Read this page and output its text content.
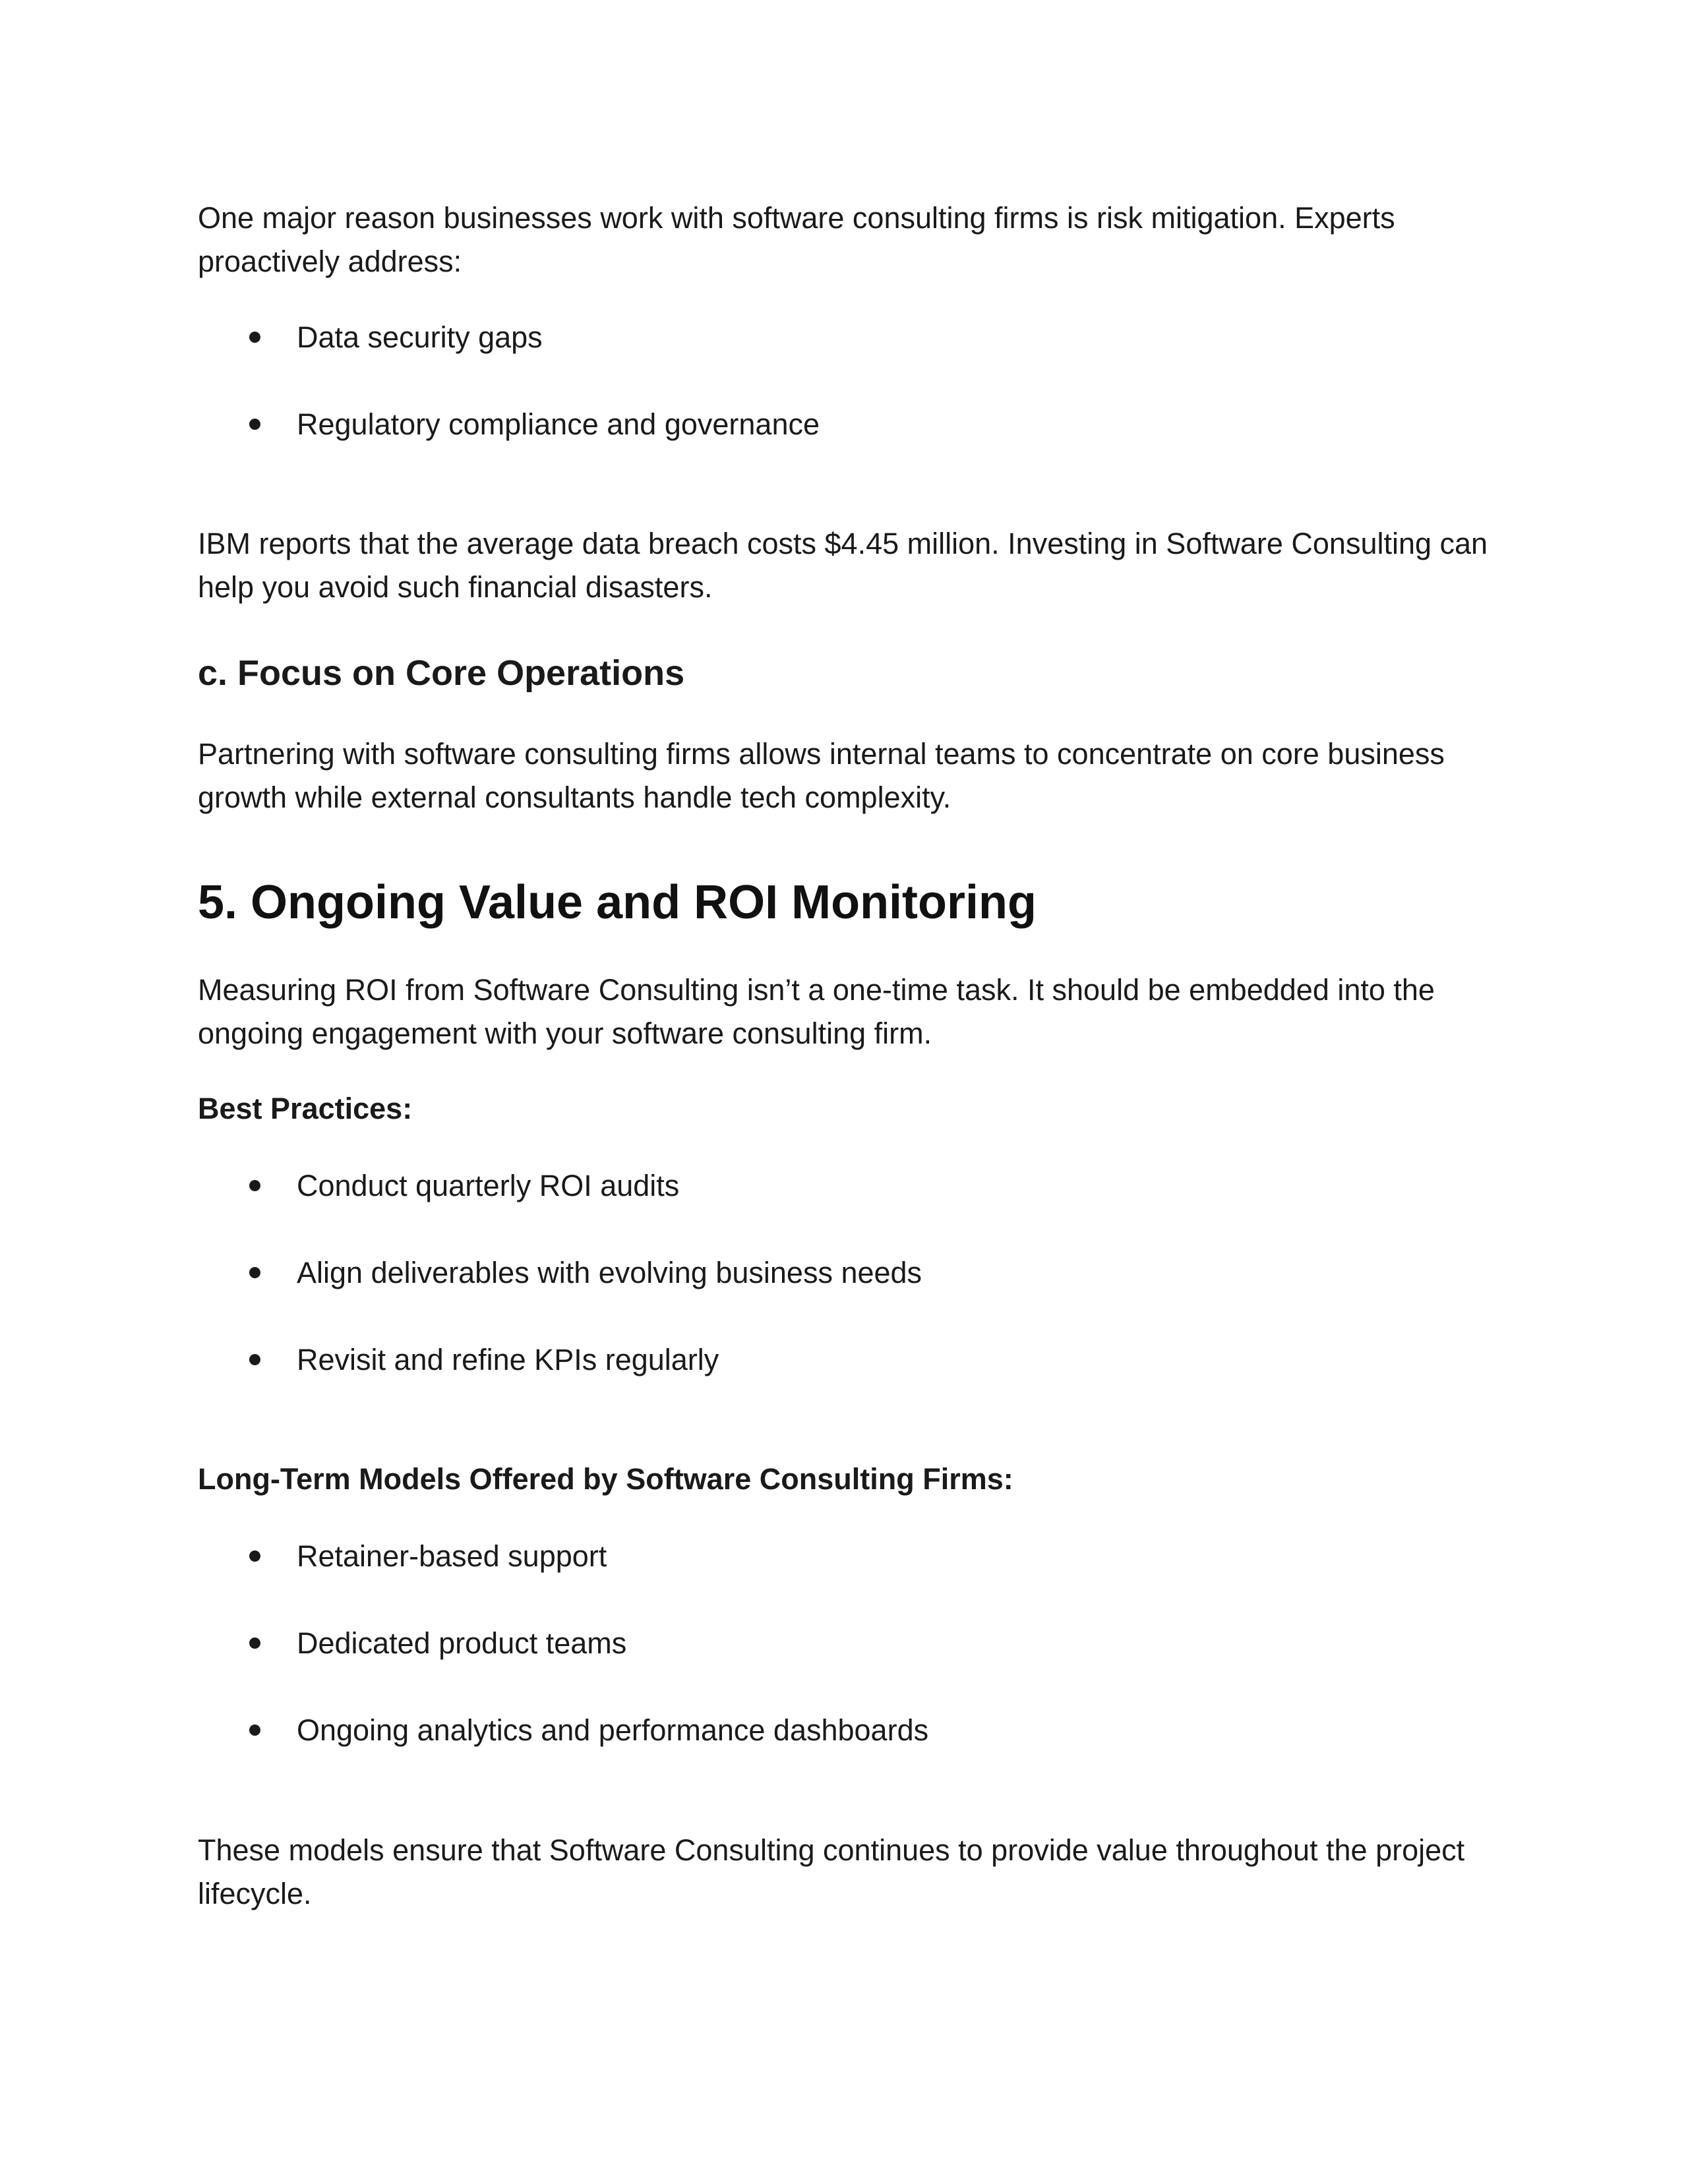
One major reason businesses work with software consulting firms is risk mitigation. Experts proactively address:

Data security gaps
Regulatory compliance and governance

IBM reports that the average data breach costs $4.45 million. Investing in Software Consulting can help you avoid such financial disasters.

c. Focus on Core Operations

Partnering with software consulting firms allows internal teams to concentrate on core business growth while external consultants handle tech complexity.

5. Ongoing Value and ROI Monitoring

Measuring ROI from Software Consulting isn’t a one-time task. It should be embedded into the ongoing engagement with your software consulting firm.

Best Practices:
Conduct quarterly ROI audits
Align deliverables with evolving business needs
Revisit and refine KPIs regularly
Long-Term Models Offered by Software Consulting Firms:
Retainer-based support
Dedicated product teams
Ongoing analytics and performance dashboards

These models ensure that Software Consulting continues to provide value throughout the project lifecycle.
